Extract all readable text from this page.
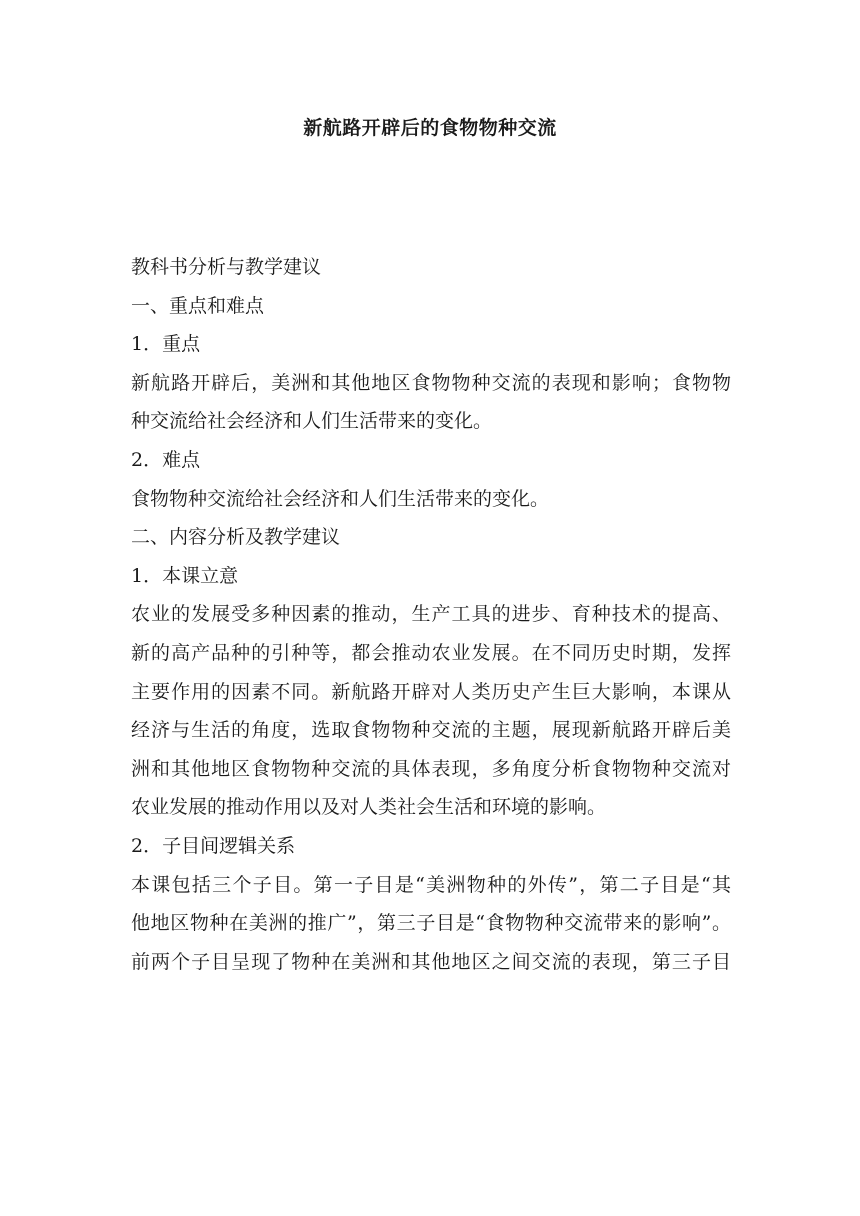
新航路开辟后的食物物种交流
教科书分析与教学建议
一、重点和难点
1．重点
新航路开辟后，美洲和其他地区食物物种交流的表现和影响；食物物
种交流给社会经济和人们生活带来的变化。
2．难点
食物物种交流给社会经济和人们生活带来的变化。
二、内容分析及教学建议
1．本课立意
农业的发展受多种因素的推动，生产工具的进步、育种技术的提高、
新的高产品种的引种等，都会推动农业发展。在不同历史时期，发挥
主要作用的因素不同。新航路开辟对人类历史产生巨大影响，本课从
经济与生活的角度，选取食物物种交流的主题，展现新航路开辟后美
洲和其他地区食物物种交流的具体表现，多角度分析食物物种交流对
农业发展的推动作用以及对人类社会生活和环境的影响。
2．子目间逻辑关系
本课包括三个子目。第一子目是“美洲物种的外传”，第二子目是“其
他地区物种在美洲的推广”，第三子目是“食物物种交流带来的影响”。
前两个子目呈现了物种在美洲和其他地区之间交流的表现，第三子目
